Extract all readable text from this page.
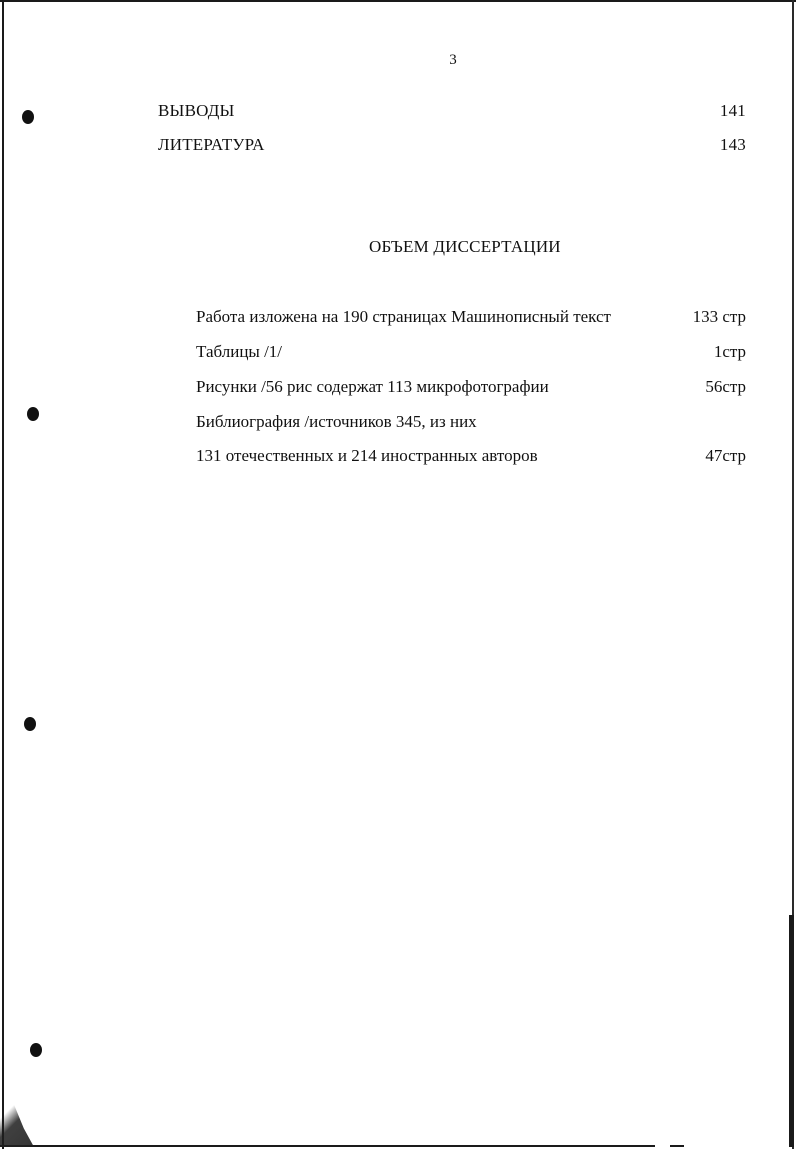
3
ВЫВОДЫ	141
ЛИТЕРАТУРА	143
ОБЪЕМ ДИССЕРТАЦИИ
Работа изложена на 190 страницах Машинописный текст	133 стр
Таблицы /1/	1стр
Рисунки /56 рис содержат 113 микрофотографии	56стр
Библиография /источников 345, из них
131 отечественных и 214 иностранных авторов	47стр
